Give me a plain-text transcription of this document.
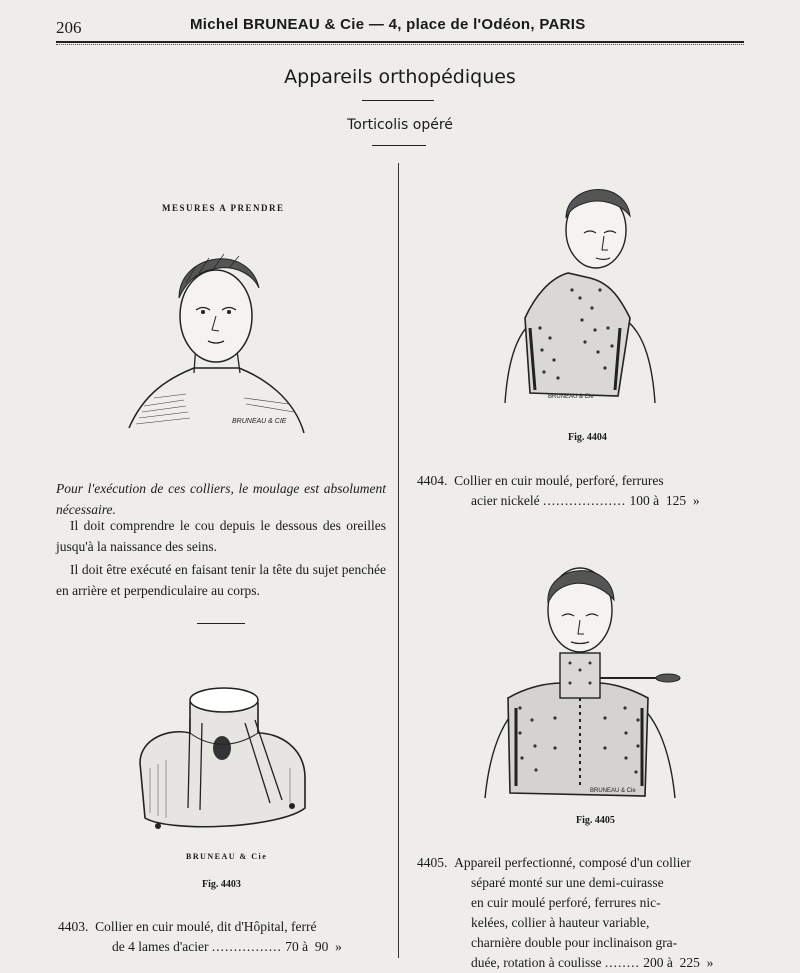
206	Michel BRUNEAU & Cie — 4, place de l'Odéon, PARIS
Appareils orthopédiques
Torticolis opéré
MESURES A PRENDRE
BRUNEAU & CIE
Pour l'exécution de ces colliers, le moulage est absolument nécessaire.
Il doit comprendre le cou depuis le dessous des oreilles jusqu'à la naissance des seins.
Il doit être exécuté en faisant tenir la tête du sujet penchée en arrière et perpendiculaire au corps.
BRUNEAU & Cie
Fig. 4403
4403. Collier en cuir moulé, dit d'Hôpital, ferré
de 4 lames d'acier ................ 70 à 90 »
BRUNEAU & Cie
Fig. 4404
4404. Collier en cuir moulé, perforé, ferrures
acier nickelé ................... 100 à 125 »
BRUNEAU & Cie
Fig. 4405
4405. Appareil perfectionné, composé d'un collier
séparé monté sur une demi-cuirasse
en cuir moulé perforé, ferrures nic-
kelées, collier à hauteur variable,
charnière double pour inclinaison gra-
duée, rotation à coulisse ........ 200 à 225 »
